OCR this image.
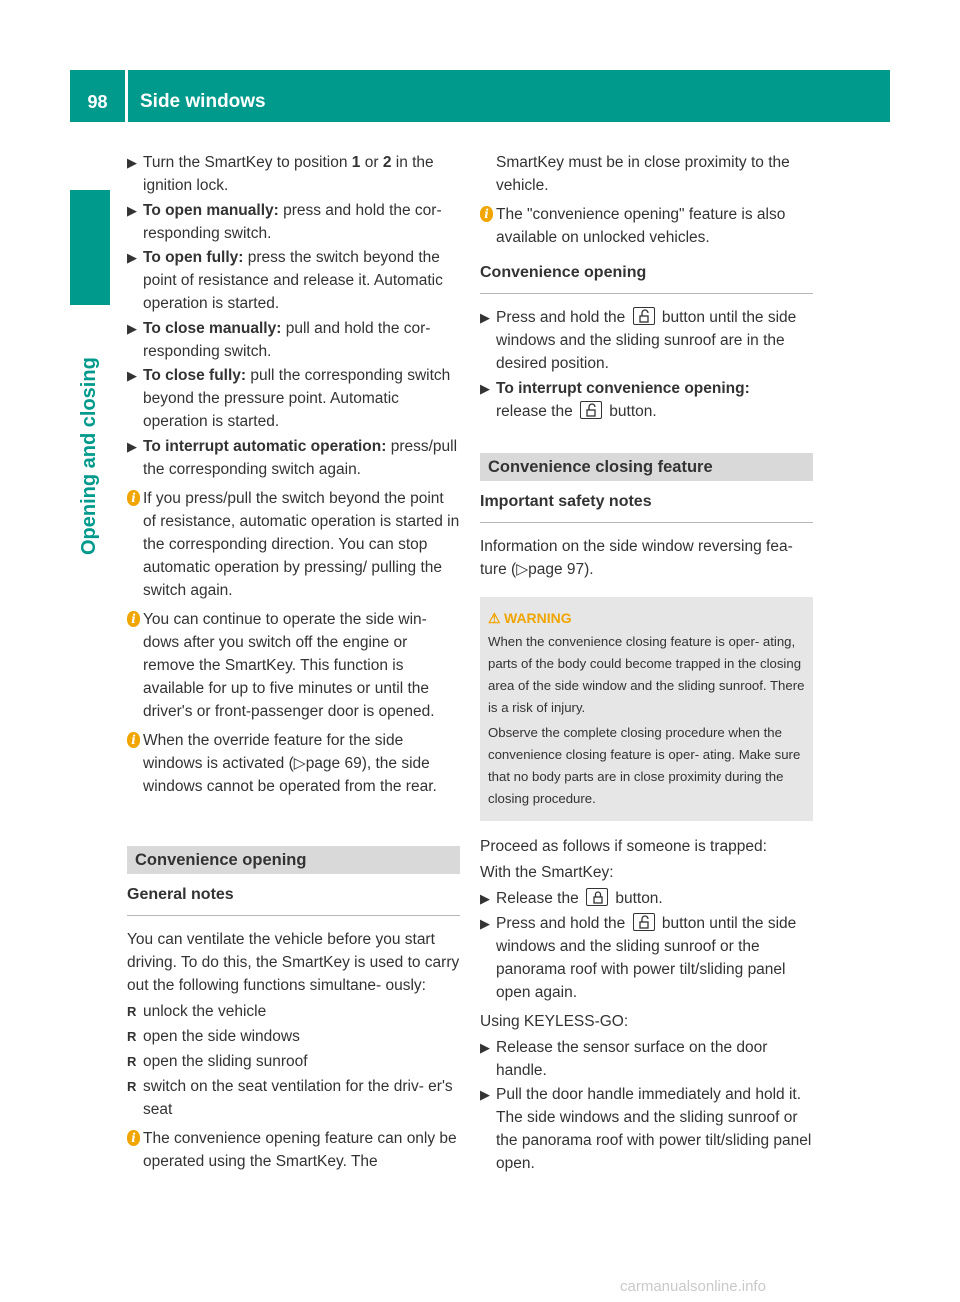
98	Side windows
Opening and closing
▶ Turn the SmartKey to position 1 or 2 in the ignition lock.
▶ To open manually: press and hold the cor- responding switch.
▶ To open fully: press the switch beyond the point of resistance and release it. Automatic operation is started.
▶ To close manually: pull and hold the cor- responding switch.
▶ To close fully: pull the corresponding switch beyond the pressure point. Automatic operation is started.
▶ To interrupt automatic operation: press/pull the corresponding switch again.
i If you press/pull the switch beyond the point of resistance, automatic operation is started in the corresponding direction. You can stop automatic operation by pressing/ pulling the switch again.
i You can continue to operate the side win- dows after you switch off the engine or remove the SmartKey. This function is available for up to five minutes or until the driver's or front-passenger door is opened.
i When the override feature for the side windows is activated (▷page 69), the side windows cannot be operated from the rear.
Convenience opening
General notes
You can ventilate the vehicle before you start driving. To do this, the SmartKey is used to carry out the following functions simultane- ously:
R unlock the vehicle
R open the side windows
R open the sliding sunroof
R switch on the seat ventilation for the driv- er's seat
i The convenience opening feature can only be operated using the SmartKey. The
SmartKey must be in close proximity to the vehicle.
i The "convenience opening" feature is also available on unlocked vehicles.
Convenience opening
▶ Press and hold the
button until the side windows and the sliding sunroof are in the desired position.
▶ To interrupt convenience opening:
release the
button.
Convenience closing feature
Important safety notes
Information on the side window reversing fea- ture (▷page 97).
⚠ WARNING

When the convenience closing feature is oper- ating, parts of the body could become trapped in the closing area of the side window and the sliding sunroof. There is a risk of injury.

Observe the complete closing procedure when the convenience closing feature is oper- ating. Make sure that no body parts are in close proximity during the closing procedure.

Proceed as follows if someone is trapped:
With the SmartKey:
▶ Release the
button.
▶ Press and hold the
button until the side windows and the sliding sunroof or the panorama roof with power tilt/sliding panel open again.
Using KEYLESS-GO:
▶ Release the sensor surface on the door handle.
▶ Pull the door handle immediately and hold it. The side windows and the sliding sunroof or the panorama roof with power tilt/sliding panel open.
carmanualsonline.info
